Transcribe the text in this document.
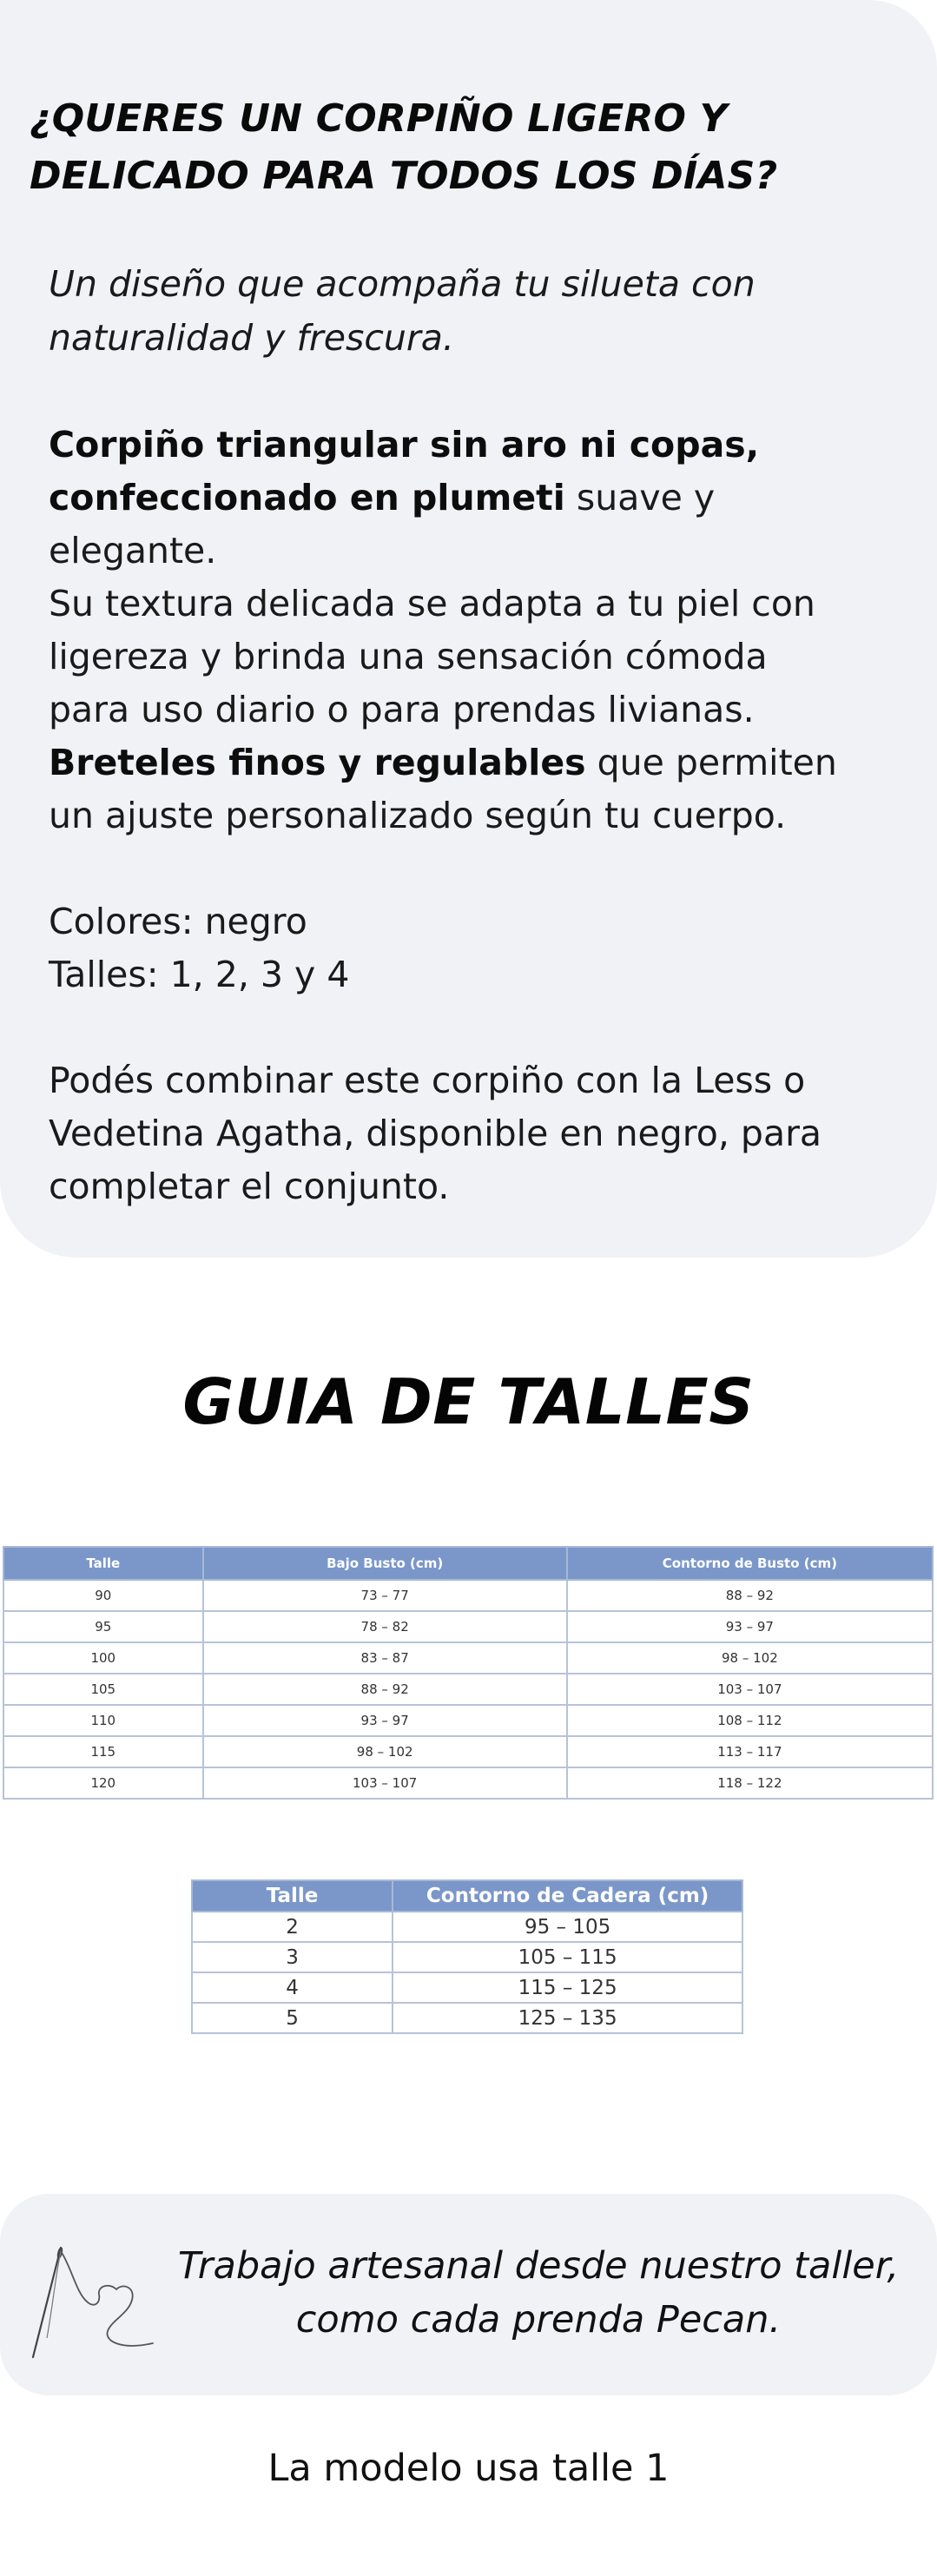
¿QUERES UN CORPIÑO LIGERO Y
DELICADO PARA TODOS LOS DÍAS?

Un diseño que acompaña tu silueta con
naturalidad y frescura.

Corpiño triangular sin aro ni copas,
confeccionado en plumeti suave y
elegante.
Su textura delicada se adapta a tu piel con
ligereza y brinda una sensación cómoda
para uso diario o para prendas livianas.
Breteles finos y regulables que permiten
un ajuste personalizado según tu cuerpo.
Colores: negro
Talles: 1, 2, 3 y 4
Podés combinar este corpiño con la Less o
Vedetina Agatha, disponible en negro, para
completar el conjunto.
GUIA DE TALLES
Talle	Bajo Busto (cm)	Contorno de Busto (cm)
90	73 – 77	88 – 92
95	78 – 82	93 – 97
100	83 – 87	98 – 102
105	88 – 92	103 – 107
110	93 – 97	108 – 112
115	98 – 102	113 – 117
120	103 – 107	118 – 122
Talle	Contorno de Cadera (cm)
2	95 – 105
3	105 – 115
4	115 – 125
5	125 – 135

Trabajo artesanal desde nuestro taller,
como cada prenda Pecan.

La modelo usa talle 1
